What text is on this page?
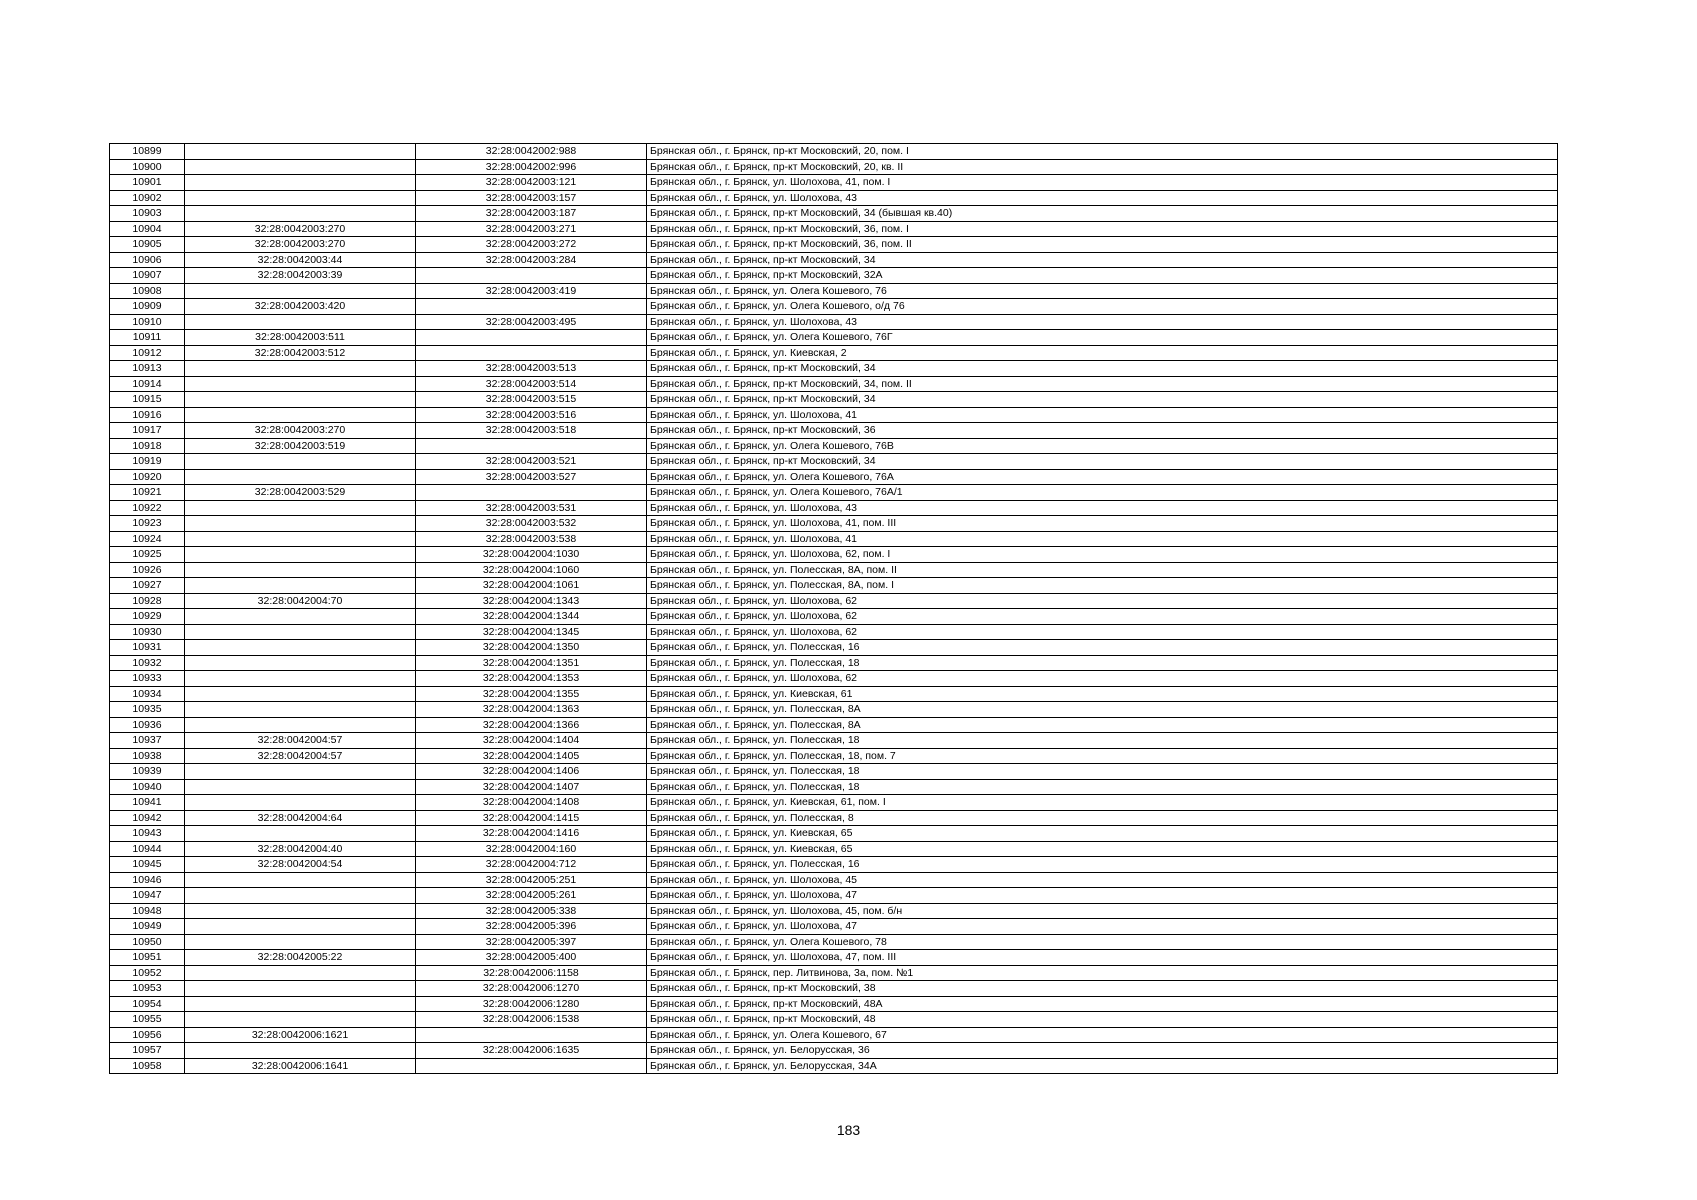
10899		32:28:0042002:988	Брянская обл., г. Брянск, пр-кт Московский, 20, пом. I
10900		32:28:0042002:996	Брянская обл., г. Брянск, пр-кт Московский, 20, кв. II
10901		32:28:0042003:121	Брянская обл., г. Брянск, ул. Шолохова, 41, пом. I
10902		32:28:0042003:157	Брянская обл., г. Брянск, ул. Шолохова, 43
10903		32:28:0042003:187	Брянская обл., г. Брянск, пр-кт Московский, 34 (бывшая кв.40)
10904	32:28:0042003:270	32:28:0042003:271	Брянская обл., г. Брянск, пр-кт Московский, 36, пом. I
10905	32:28:0042003:270	32:28:0042003:272	Брянская обл., г. Брянск, пр-кт Московский, 36, пом. II
10906	32:28:0042003:44	32:28:0042003:284	Брянская обл., г. Брянск, пр-кт Московский, 34
10907	32:28:0042003:39		Брянская обл., г. Брянск, пр-кт Московский, 32А
10908		32:28:0042003:419	Брянская обл., г. Брянск, ул. Олега Кошевого, 76
10909	32:28:0042003:420		Брянская обл., г. Брянск, ул. Олега Кошевого, о/д 76
10910		32:28:0042003:495	Брянская обл., г. Брянск, ул. Шолохова, 43
10911	32:28:0042003:511		Брянская обл., г. Брянск, ул. Олега Кошевого, 76Г
10912	32:28:0042003:512		Брянская обл., г. Брянск, ул. Киевская, 2
10913		32:28:0042003:513	Брянская обл., г. Брянск, пр-кт Московский, 34
10914		32:28:0042003:514	Брянская обл., г. Брянск, пр-кт Московский, 34, пом. II
10915		32:28:0042003:515	Брянская обл., г. Брянск, пр-кт Московский, 34
10916		32:28:0042003:516	Брянская обл., г. Брянск, ул. Шолохова, 41
10917	32:28:0042003:270	32:28:0042003:518	Брянская обл., г. Брянск, пр-кт Московский, 36
10918	32:28:0042003:519		Брянская обл., г. Брянск, ул. Олега Кошевого, 76В
10919		32:28:0042003:521	Брянская обл., г. Брянск, пр-кт Московский, 34
10920		32:28:0042003:527	Брянская обл., г. Брянск, ул. Олега Кошевого, 76А
10921	32:28:0042003:529		Брянская обл., г. Брянск, ул. Олега Кошевого, 76А/1
10922		32:28:0042003:531	Брянская обл., г. Брянск, ул. Шолохова, 43
10923		32:28:0042003:532	Брянская обл., г. Брянск, ул. Шолохова, 41, пом. III
10924		32:28:0042003:538	Брянская обл., г. Брянск, ул. Шолохова, 41
10925		32:28:0042004:1030	Брянская обл., г. Брянск, ул. Шолохова, 62, пом. I
10926		32:28:0042004:1060	Брянская обл., г. Брянск, ул. Полесская, 8А, пом. II
10927		32:28:0042004:1061	Брянская обл., г. Брянск, ул. Полесская, 8А, пом. I
10928	32:28:0042004:70	32:28:0042004:1343	Брянская обл., г. Брянск, ул. Шолохова, 62
10929		32:28:0042004:1344	Брянская обл., г. Брянск, ул. Шолохова, 62
10930		32:28:0042004:1345	Брянская обл., г. Брянск, ул. Шолохова, 62
10931		32:28:0042004:1350	Брянская обл., г. Брянск, ул. Полесская, 16
10932		32:28:0042004:1351	Брянская обл., г. Брянск, ул. Полесская, 18
10933		32:28:0042004:1353	Брянская обл., г. Брянск, ул. Шолохова, 62
10934		32:28:0042004:1355	Брянская обл., г. Брянск, ул. Киевская, 61
10935		32:28:0042004:1363	Брянская обл., г. Брянск, ул. Полесская, 8А
10936		32:28:0042004:1366	Брянская обл., г. Брянск, ул. Полесская, 8А
10937	32:28:0042004:57	32:28:0042004:1404	Брянская обл., г. Брянск, ул. Полесская, 18
10938	32:28:0042004:57	32:28:0042004:1405	Брянская обл., г. Брянск, ул. Полесская, 18, пом. 7
10939		32:28:0042004:1406	Брянская обл., г. Брянск, ул. Полесская, 18
10940		32:28:0042004:1407	Брянская обл., г. Брянск, ул. Полесская, 18
10941		32:28:0042004:1408	Брянская обл., г. Брянск, ул. Киевская, 61, пом. I
10942	32:28:0042004:64	32:28:0042004:1415	Брянская обл., г. Брянск, ул. Полесская, 8
10943		32:28:0042004:1416	Брянская обл., г. Брянск, ул. Киевская, 65
10944	32:28:0042004:40	32:28:0042004:160	Брянская обл., г. Брянск, ул. Киевская, 65
10945	32:28:0042004:54	32:28:0042004:712	Брянская обл., г. Брянск, ул. Полесская, 16
10946		32:28:0042005:251	Брянская обл., г. Брянск, ул. Шолохова, 45
10947		32:28:0042005:261	Брянская обл., г. Брянск, ул. Шолохова, 47
10948		32:28:0042005:338	Брянская обл., г. Брянск, ул. Шолохова, 45, пом. б/н
10949		32:28:0042005:396	Брянская обл., г. Брянск, ул. Шолохова, 47
10950		32:28:0042005:397	Брянская обл., г. Брянск, ул. Олега Кошевого, 78
10951	32:28:0042005:22	32:28:0042005:400	Брянская обл., г. Брянск, ул. Шолохова, 47, пом. III
10952		32:28:0042006:1158	Брянская обл., г. Брянск, пер. Литвинова, 3а, пом. №1
10953		32:28:0042006:1270	Брянская обл., г. Брянск, пр-кт Московский, 38
10954		32:28:0042006:1280	Брянская обл., г. Брянск, пр-кт Московский, 48А
10955		32:28:0042006:1538	Брянская обл., г. Брянск, пр-кт Московский, 48
10956	32:28:0042006:1621		Брянская обл., г. Брянск, ул. Олега Кошевого, 67
10957		32:28:0042006:1635	Брянская обл., г. Брянск, ул. Белорусская, 36
10958	32:28:0042006:1641		Брянская обл., г. Брянск, ул. Белорусская, 34А
183
